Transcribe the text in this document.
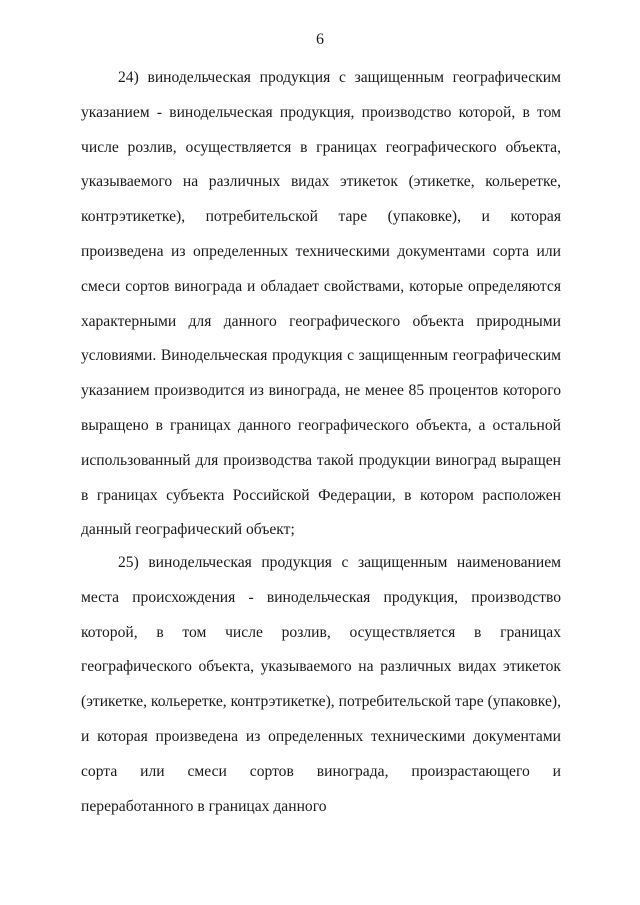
6

24) винодельческая продукция с защищенным географическим указанием - винодельческая продукция, производство которой, в том числе розлив, осуществляется в границах географического объекта, указываемого на различных видах этикеток (этикетке, кольеретке, контрэтикетке), потребительской таре (упаковке), и которая произведена из определенных техническими документами сорта или смеси сортов винограда и обладает свойствами, которые определяются характерными для данного географического объекта природными условиями. Винодельческая продукция с защищенным географическим указанием производится из винограда, не менее 85 процентов которого выращено в границах данного географического объекта, а остальной использованный для производства такой продукции виноград выращен в границах субъекта Российской Федерации, в котором расположен данный географический объект;

25) винодельческая продукция с защищенным наименованием места происхождения - винодельческая продукция, производство которой, в том числе розлив, осуществляется в границах географического объекта, указываемого на различных видах этикеток (этикетке, кольеретке, контрэтикетке), потребительской таре (упаковке), и которая произведена из определенных техническими документами сорта или смеси сортов винограда, произрастающего и переработанного в границах данного
